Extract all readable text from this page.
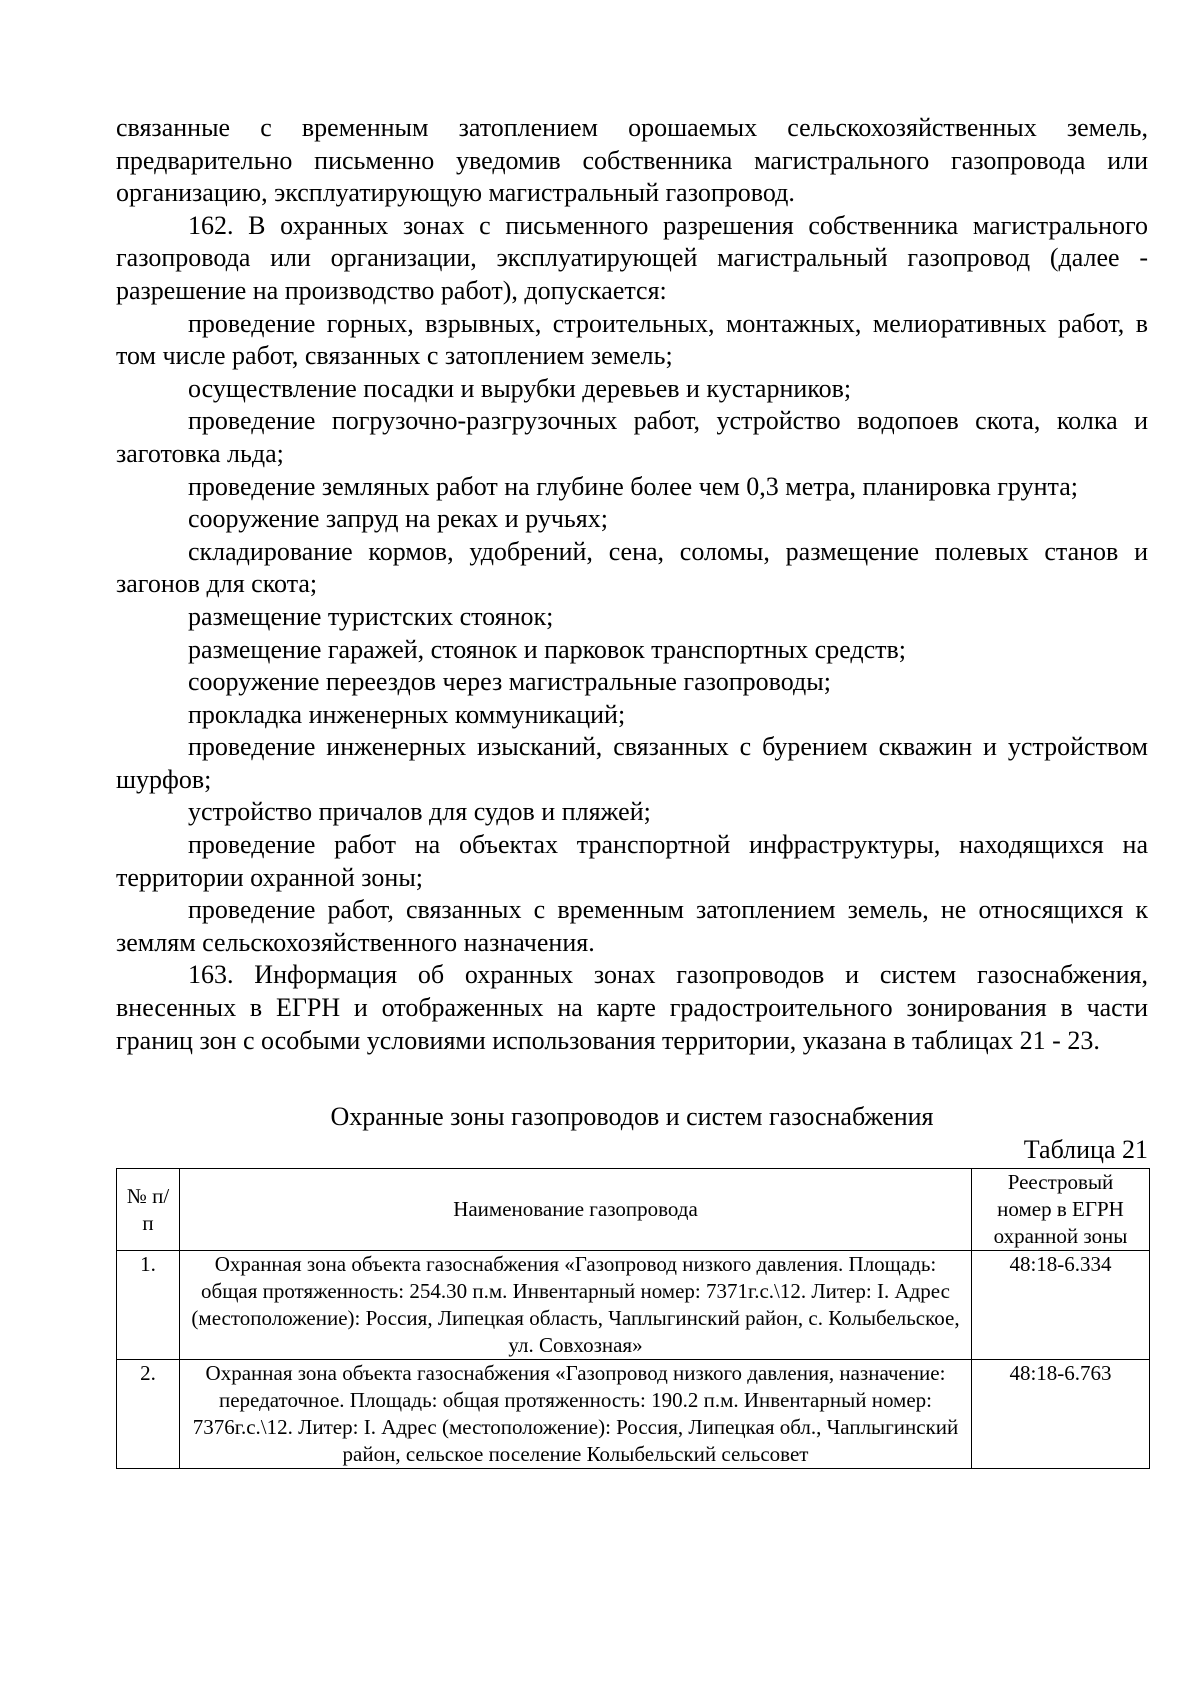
связанные с временным затоплением орошаемых сельскохозяйственных земель, предварительно письменно уведомив собственника магистрального газопровода или организацию, эксплуатирующую магистральный газопровод.

162. В охранных зонах с письменного разрешения собственника магистрального газопровода или организации, эксплуатирующей магистральный газопровод (далее - разрешение на производство работ), допускается:

проведение горных, взрывных, строительных, монтажных, мелиоративных работ, в том числе работ, связанных с затоплением земель;

осуществление посадки и вырубки деревьев и кустарников;

проведение погрузочно-разгрузочных работ, устройство водопоев скота, колка и заготовка льда;

проведение земляных работ на глубине более чем 0,3 метра, планировка грунта;

сооружение запруд на реках и ручьях;

складирование кормов, удобрений, сена, соломы, размещение полевых станов и загонов для скота;

размещение туристских стоянок;

размещение гаражей, стоянок и парковок транспортных средств;

сооружение переездов через магистральные газопроводы;

прокладка инженерных коммуникаций;

проведение инженерных изысканий, связанных с бурением скважин и устройством шурфов;

устройство причалов для судов и пляжей;

проведение работ на объектах транспортной инфраструктуры, находящихся на территории охранной зоны;

проведение работ, связанных с временным затоплением земель, не относящихся к землям сельскохозяйственного назначения.

163. Информация об охранных зонах газопроводов и систем газоснабжения, внесенных в ЕГРН и отображенных на карте градостроительного зонирования в части границ зон с особыми условиями использования территории, указана в таблицах 21 - 23.

Охранные зоны газопроводов и систем газоснабжения

Таблица 21

№ п/п	Наименование газопровода	Реестровый номер в ЕГРН охранной зоны
1.	Охранная зона объекта газоснабжения «Газопровод низкого давления. Площадь: общая протяженность: 254.30 п.м. Инвентарный номер: 7371г.с.\12. Литер: I. Адрес (местоположение): Россия, Липецкая область, Чаплыгинский район, с. Колыбельское, ул. Совхозная»	48:18-6.334
2.	Охранная зона объекта газоснабжения «Газопровод низкого давления, назначение: передаточное. Площадь: общая протяженность: 190.2 п.м. Инвентарный номер: 7376г.с.\12. Литер: I. Адрес (местоположение): Россия, Липецкая обл., Чаплыгинский район, сельское поселение Колыбельский сельсовет	48:18-6.763
